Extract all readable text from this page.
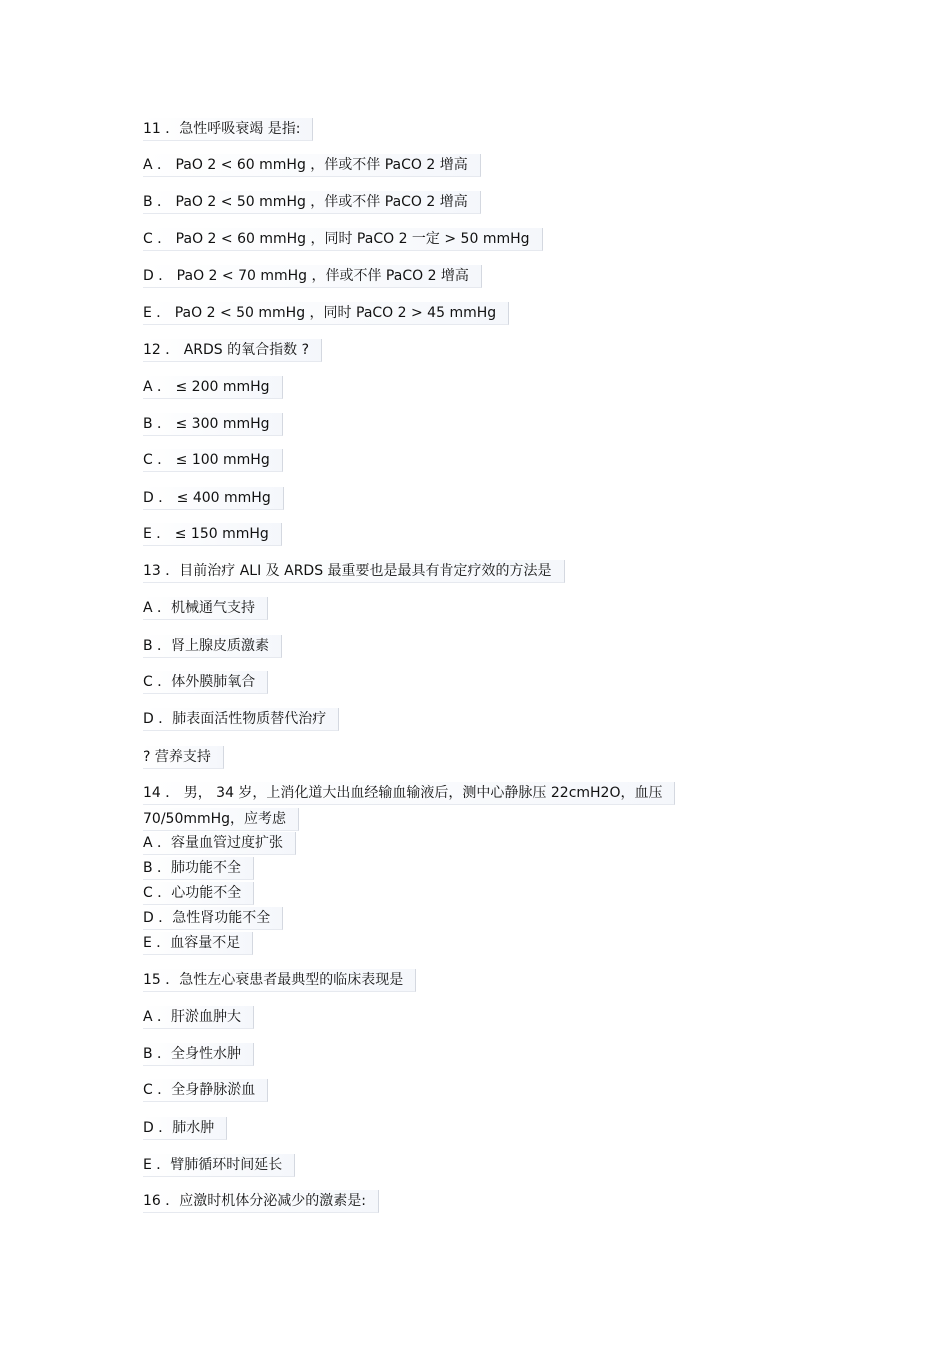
11 ．急性呼吸衰竭 是指:
A ． PaO 2 < 60 mmHg ，伴或不伴 PaCO 2 增高
B ． PaO 2 < 50 mmHg ，伴或不伴 PaCO 2 增高
C ． PaO 2 < 60 mmHg ，同时 PaCO 2 一定 > 50 mmHg
D ． PaO 2 < 70 mmHg ，伴或不伴 PaCO 2 增高
E ． PaO 2 < 50 mmHg ，同时 PaCO 2 > 45 mmHg
12 ． ARDS 的氧合指数 ?
A ． ≤ 200 mmHg
B ． ≤ 300 mmHg
C ． ≤ 100 mmHg
D ． ≤ 400 mmHg
E ． ≤ 150 mmHg
13 ．目前治疗 ALI 及 ARDS 最重要也是最具有肯定疗效的方法是
A ．机械通气支持
B ．肾上腺皮质激素
C ．体外膜肺氧合
D ．肺表面活性物质替代治疗
? 营养支持
14 ． 男， 34 岁，上消化道大出血经输血输液后，测中心静脉压 22cmH2O，血压
70/50mmHg，应考虑
A ．容量血管过度扩张
B ．肺功能不全
C ．心功能不全
D ．急性肾功能不全
E ．血容量不足
15 ．急性左心衰患者最典型的临床表现是
A ．肝淤血肿大
B ．全身性水肿
C ．全身静脉淤血
D ．肺水肿
E ．臂肺循环时间延长
16 ．应激时机体分泌减少的激素是:
